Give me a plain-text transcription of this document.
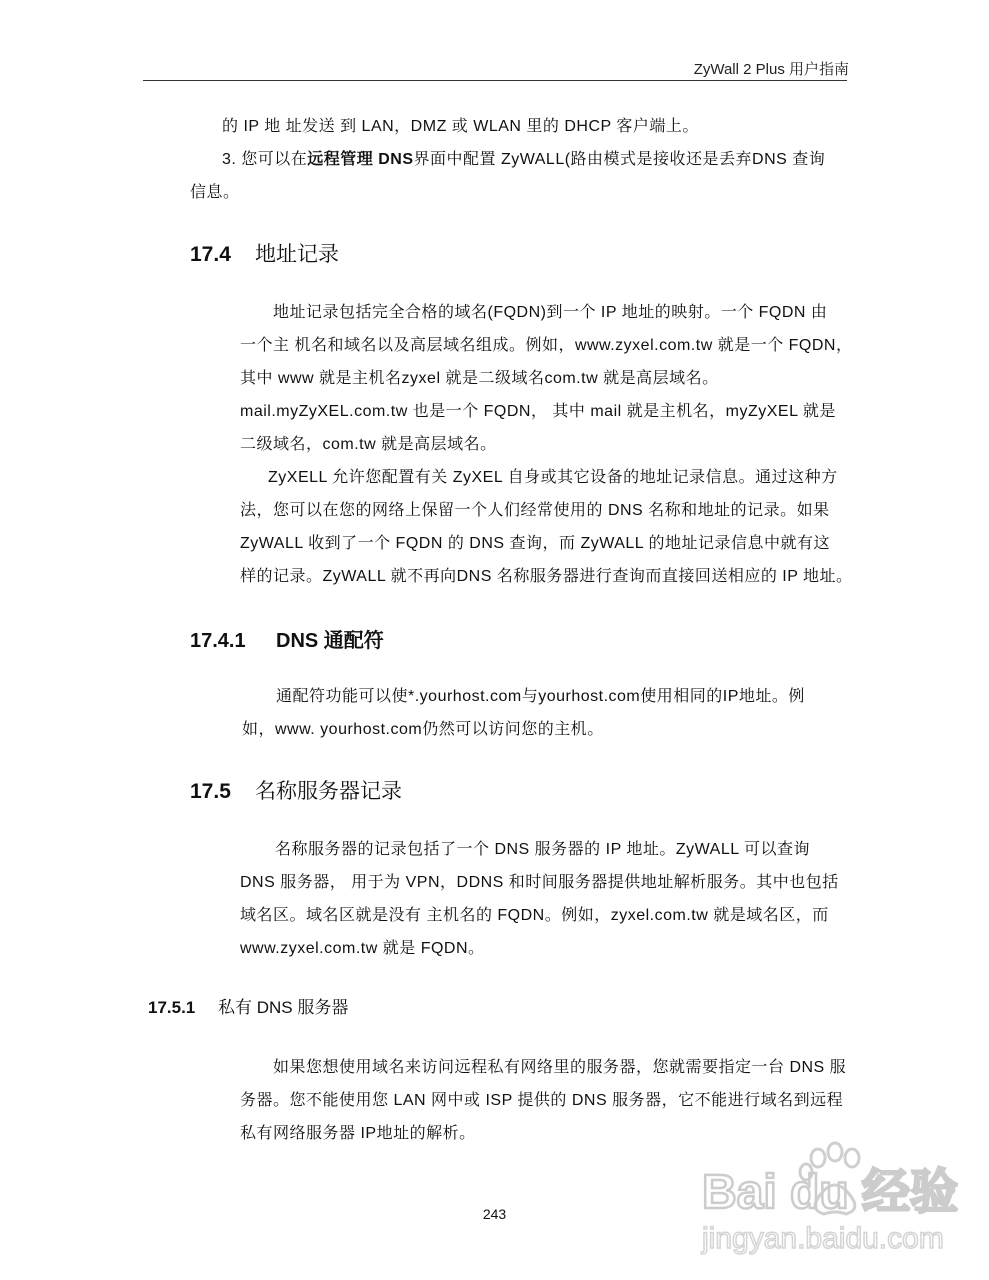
ZyWall 2 Plus 用户指南
的 IP 地 址发送 到 LAN，DMZ 或 WLAN 里的 DHCP 客户端上。
3. 您可以在远程管理 DNS界面中配置 ZyWALL(路由模式是接收还是丢弃DNS 查询
信息。
17.4 地址记录
地址记录包括完全合格的域名(FQDN)到一个 IP 地址的映射。一个 FQDN 由
一个主 机名和域名以及高层域名组成。例如，www.zyxel.com.tw 就是一个 FQDN，
其中 www 就是主机名zyxel 就是二级域名com.tw 就是高层域名。
mail.myZyXEL.com.tw 也是一个 FQDN， 其中 mail 就是主机名，myZyXEL 就是
二级域名，com.tw 就是高层域名。
ZyXELL 允许您配置有关 ZyXEL 自身或其它设备的地址记录信息。通过这种方
法，您可以在您的网络上保留一个人们经常使用的 DNS 名称和地址的记录。如果
ZyWALL 收到了一个 FQDN 的 DNS 查询，而 ZyWALL 的地址记录信息中就有这
样的记录。ZyWALL 就不再向DNS 名称服务器进行查询而直接回送相应的 IP 地址。
17.4.1 DNS 通配符
通配符功能可以使*.yourhost.com与yourhost.com使用相同的IP地址。例
如，www. yourhost.com仍然可以访问您的主机。
17.5 名称服务器记录
名称服务器的记录包括了一个 DNS 服务器的 IP 地址。ZyWALL 可以查询
DNS 服务器， 用于为 VPN，DDNS 和时间服务器提供地址解析服务。其中也包括
域名区。域名区就是没有 主机名的 FQDN。例如，zyxel.com.tw 就是域名区，而
www.zyxel.com.tw 就是 FQDN。
17.5.1 私有 DNS 服务器
如果您想使用域名来访问远程私有网络里的服务器，您就需要指定一台 DNS 服
务器。您不能使用您 LAN 网中或 ISP 提供的 DNS 服务器，它不能进行域名到远程
私有网络服务器 IP地址的解析。
243	Bai du 经验
jingyan.baidu.com
